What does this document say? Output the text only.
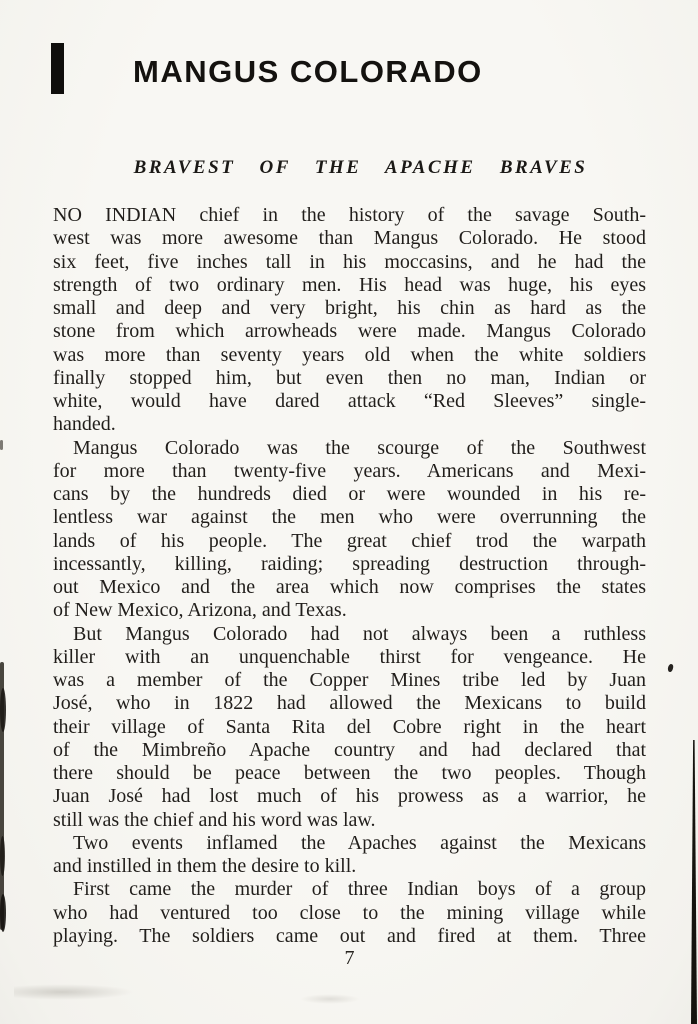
MANGUS COLORADO
BRAVEST OF THE APACHE BRAVES
NO INDIAN chief in the history of the savage South-
west was more awesome than Mangus Colorado. He stood
six feet, five inches tall in his moccasins, and he had the
strength of two ordinary men. His head was huge, his eyes
small and deep and very bright, his chin as hard as the
stone from which arrowheads were made. Mangus Colorado
was more than seventy years old when the white soldiers
finally stopped him, but even then no man, Indian or
white, would have dared attack “Red Sleeves” single-
handed.
Mangus Colorado was the scourge of the Southwest
for more than twenty-five years. Americans and Mexi-
cans by the hundreds died or were wounded in his re-
lentless war against the men who were overrunning the
lands of his people. The great chief trod the warpath
incessantly, killing, raiding; spreading destruction through-
out Mexico and the area which now comprises the states
of New Mexico, Arizona, and Texas.
But Mangus Colorado had not always been a ruthless
killer with an unquenchable thirst for vengeance. He
was a member of the Copper Mines tribe led by Juan
José, who in 1822 had allowed the Mexicans to build
their village of Santa Rita del Cobre right in the heart
of the Mimbreño Apache country and had declared that
there should be peace between the two peoples. Though
Juan José had lost much of his prowess as a warrior, he
still was the chief and his word was law.
Two events inflamed the Apaches against the Mexicans
and instilled in them the desire to kill.
First came the murder of three Indian boys of a group
who had ventured too close to the mining village while
playing. The soldiers came out and fired at them. Three
7
